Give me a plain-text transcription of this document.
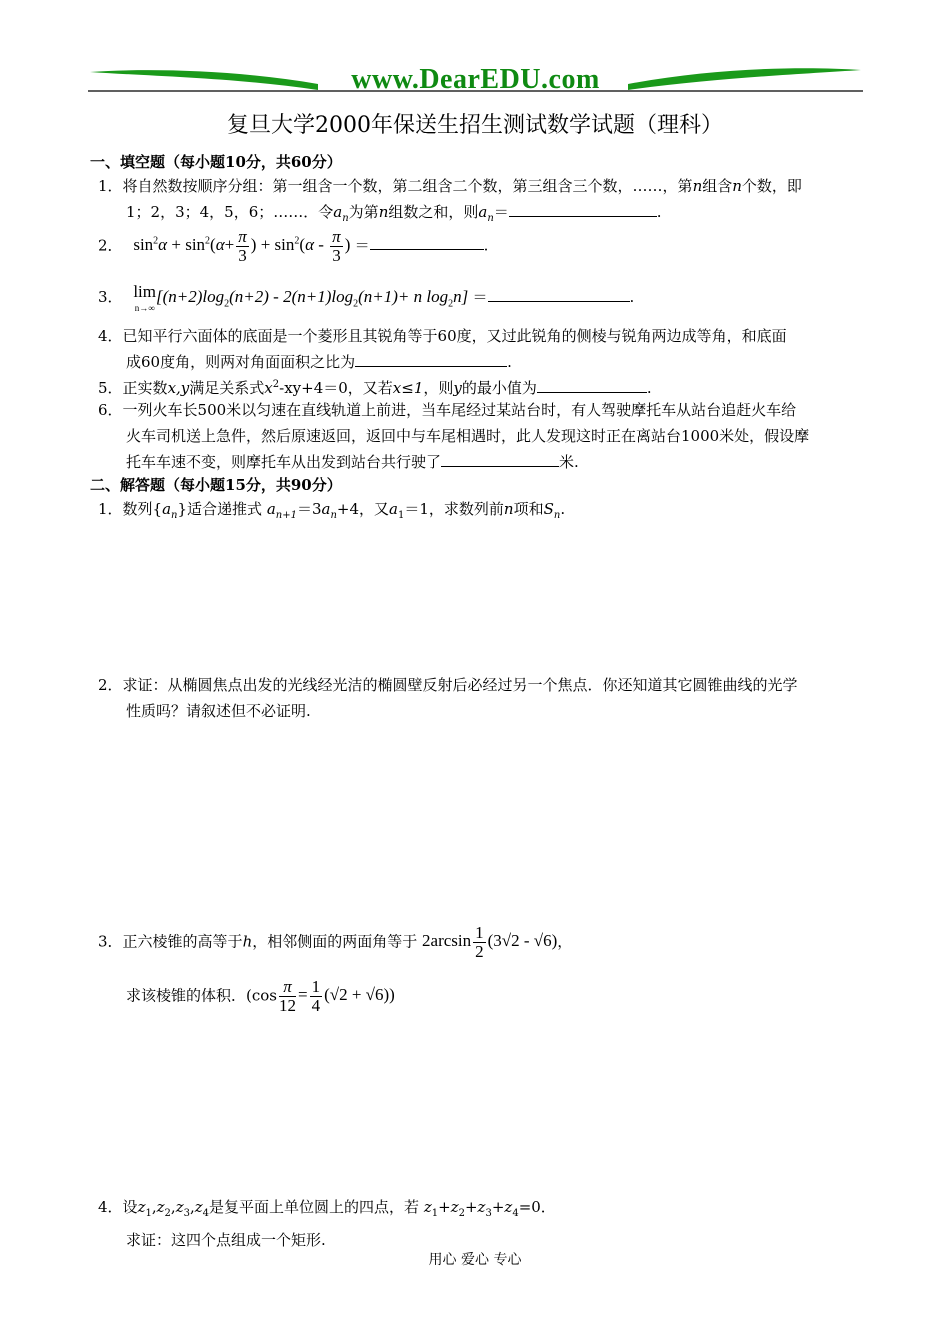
www.DearEDU.com
复旦大学2000年保送生招生测试数学试题（理科）
一、填空题（每小题10分，共60分）
1．将自然数按顺序分组：第一组含一个数，第二组含二个数，第三组含三个数，……，第n组含n个数，即
1；2，3；4，5，6；……．令$a_n$为第n组数之和，则$a_n=$	.
2． $\sin^2\alpha + \sin^2(\alpha+ \frac{\pi}{3}$ ) + $\sin^2(\alpha - \frac{\pi}{3}$ ) ＝	.
3． lim
n→∞
[$(n+2)\log_2(n+2) - 2(n+1)\log_2(n+1)+ n$ $\log_2n$] ＝	.
4．已知平行六面体的底面是一个菱形且其锐角等于60度，又过此锐角的侧棱与锐角两边成等角，和底面
成60度角，则两对角面面积之比为	.
5．正实数x,y满足关系式$x^2-xy+4=0$，又若x≤1，则y的最小值为	.
6．一列火车长500米以匀速在直线轨道上前进，当车尾经过某站台时，有人驾驶摩托车从站台追赶火车给
火车司机送上急件，然后原速返回，返回中与车尾相遇时，此人发现这时正在离站台1000米处，假设摩
托车车速不变，则摩托车从出发到站台共行驶了	米.
二、解答题（每小题15分，共90分）
1．数列$\{a_n\}$适合递推式 $a_{n+1}=3a_n+4$，又$a_1=1$，求数列前n项和$S_n$.
2．求证：从椭圆焦点出发的光线经光洁的椭圆壁反射后必经过另一个焦点．你还知道其它圆锥曲线的光学
性质吗？请叙述但不必证明.
3．正六棱锥的高等于h，相邻侧面的两面角等于 $2\arcsin \frac{1}{2} (3√2 - √6)$，
求该棱锥的体积．$(\cos \frac{\pi}{12} = \frac{1}{4} (√2 + √6))$
4．设$z_1,z_2,z_3,z_4$是复平面上单位圆上的四点，若 $z_1+z_2+z_3+z_4=0$．
求证：这四个点组成一个矩形.
用心 爱心 专心
